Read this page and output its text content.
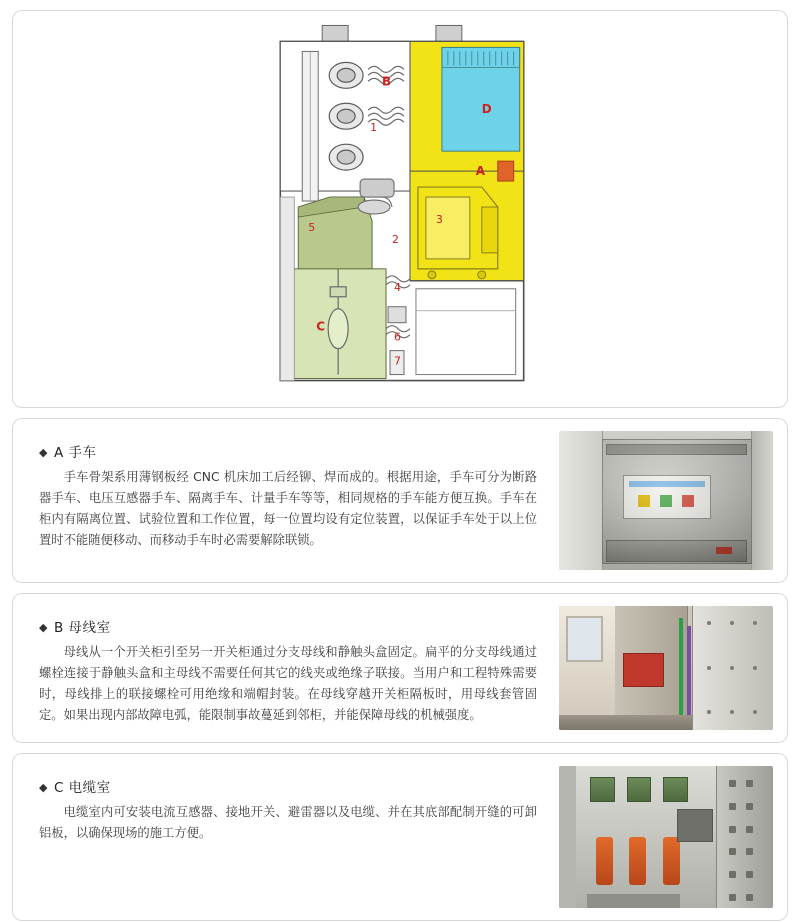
B
D
A
C
1
2
3
4
5
6
7
◆ A 手车
手车骨架系用薄钢板经 CNC 机床加工后经铆、焊而成的。根据用途，手车可分为断路器手车、电压互感器手车、隔离手车、计量手车等等，相同规格的手车能方便互换。手车在柜内有隔离位置、试验位置和工作位置，每一位置均设有定位装置，以保证手车处于以上位置时不能随便移动、而移动手车时必需要解除联锁。
◆ B 母线室
母线从一个开关柜引至另一开关柜通过分支母线和静触头盒固定。扁平的分支母线通过螺栓连接于静触头盒和主母线不需要任何其它的线夹或绝缘子联接。当用户和工程特殊需要时，母线排上的联接螺栓可用绝缘和端帽封装。在母线穿越开关柜隔板时，用母线套管固定。如果出现内部故障电弧，能限制事故蔓延到邻柜，并能保障母线的机械强度。
◆ C 电缆室
电缆室内可安装电流互感器、接地开关、避雷器以及电缆、并在其底部配制开缝的可卸铝板，以确保现场的施工方便。
